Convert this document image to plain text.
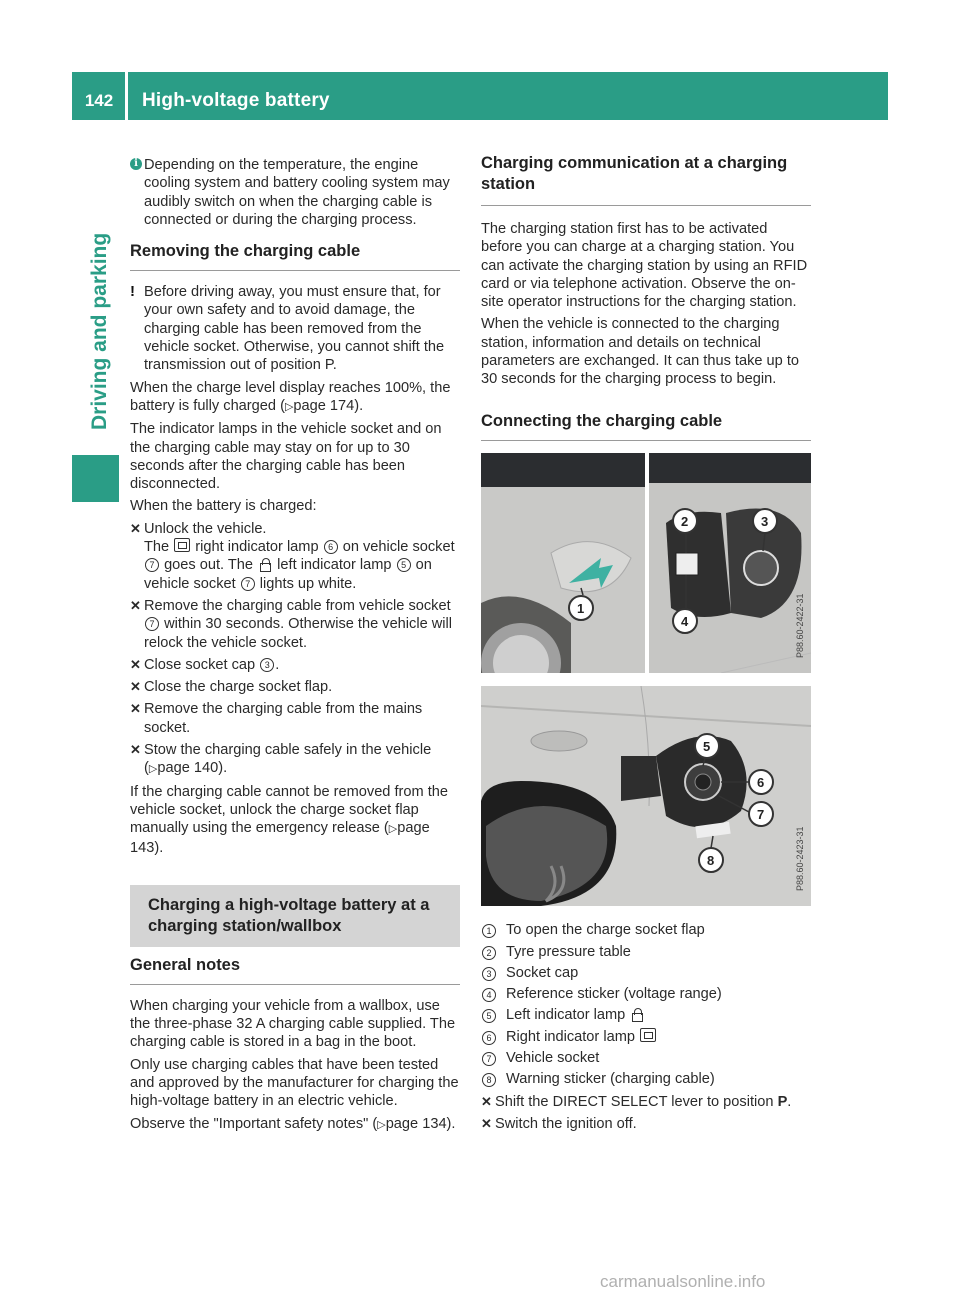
142	High-voltage battery
Driving and parking
i Depending on the temperature, the engine cooling system and battery cooling system may audibly switch on when the charging cable is connected or during the charging process.
Removing the charging cable
! Before driving away, you must ensure that, for your own safety and to avoid damage, the charging cable has been removed from the vehicle socket. Otherwise, you cannot shift the transmission out of position P.

When the charge level display reaches 100%, the battery is fully charged (▷page 174).

The indicator lamps in the vehicle socket and on the charging cable may stay on for up to 30 seconds after the charging cable has been disconnected.

When the battery is charged:

✕ Unlock the vehicle.
The right indicator lamp 6 on vehicle socket 7 goes out. The left indicator lamp 5 on vehicle socket 7 lights up white.
✕ Remove the charging cable from vehicle socket 7 within 30 seconds. Otherwise the vehicle will relock the vehicle socket.
✕ Close socket cap 3 .
✕ Close the charge socket flap.
✕ Remove the charging cable from the mains socket.
✕ Stow the charging cable safely in the vehicle (▷page 140).

If the charging cable cannot be removed from the vehicle socket, unlock the charge socket flap manually using the emergency release (▷page 143).

Charging a high-voltage battery at a charging station/wallbox
General notes

When charging your vehicle from a wallbox, use the three-phase 32 A charging cable supplied. The charging cable is stored in a bag in the boot.

Only use charging cables that have been tested and approved by the manufacturer for charging the high-voltage battery in an electric vehicle.

Observe the "Important safety notes" (▷page 134).

Charging communication at a charging station

The charging station first has to be activated before you can charge at a charging station. You can activate the charging station by using an RFID card or via telephone activation. Observe the on-site operator instructions for the charging station.

When the vehicle is connected to the charging station, information and details on technical parameters are exchanged. It can thus take up to 30 seconds for the charging process to begin.

Connecting the charging cable
1
2	3
4	P88.60-2422-31
5
6
7
8	P88.60-2423-31
1 To open the charge socket flap
2 Tyre pressure table
3 Socket cap
4 Reference sticker (voltage range)
5 Left indicator lamp
6 Right indicator lamp
7 Vehicle socket
8 Warning sticker (charging cable)
✕ Shift the DIRECT SELECT lever to position P.
✕ Switch the ignition off.
carmanualsonline.info
